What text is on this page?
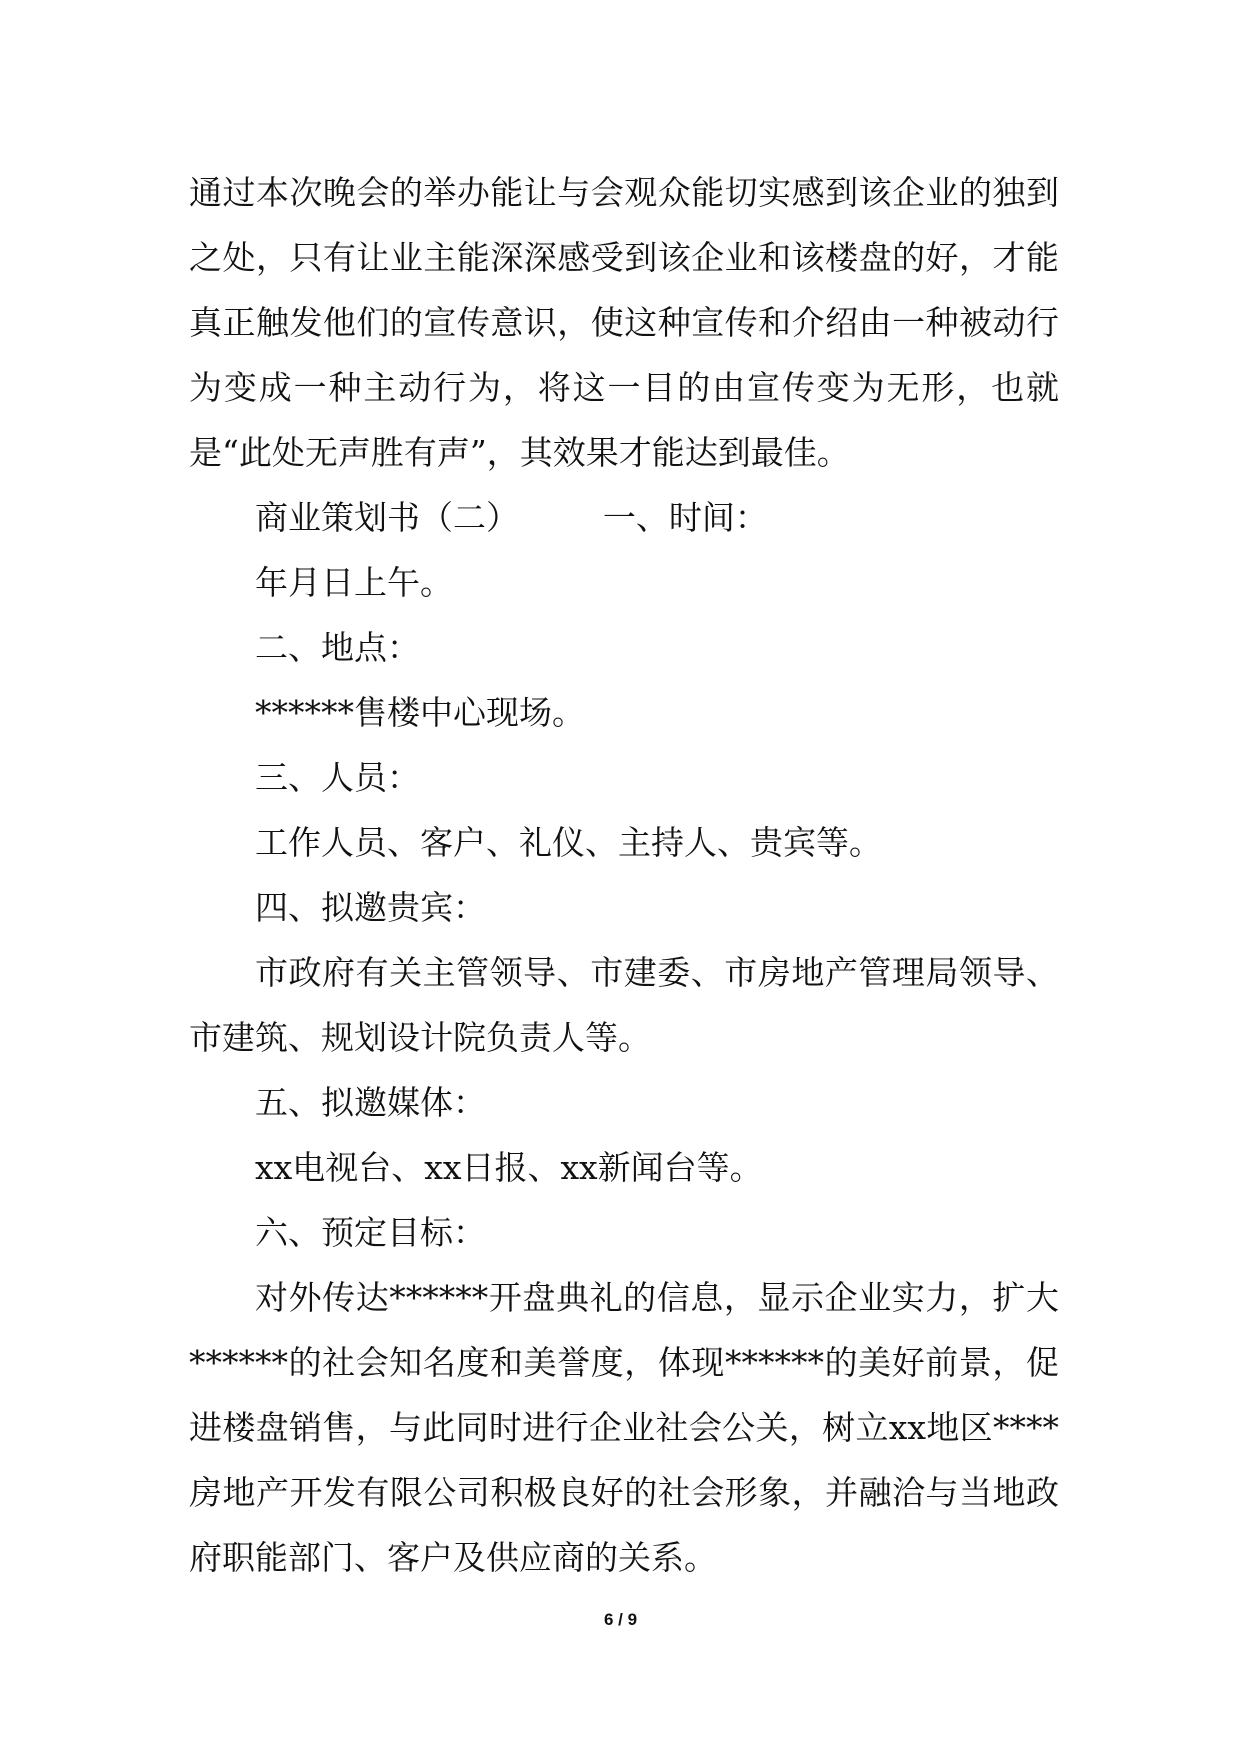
通过本次晚会的举办能让与会观众能切实感到该企业的独到之处，只有让业主能深深感受到该企业和该楼盘的好，才能真正触发他们的宣传意识，使这种宣传和介绍由一种被动行为变成一种主动行为，将这一目的由宣传变为无形，也就是“此处无声胜有声”，其效果才能达到最佳。

商业策划书（二）        一、时间：

年月日上午。

二、地点：

******售楼中心现场。

三、人员：

工作人员、客户、礼仪、主持人、贵宾等。

四、拟邀贵宾：

市政府有关主管领导、市建委、市房地产管理局领导、市建筑、规划设计院负责人等。

五、拟邀媒体：

xx电视台、xx日报、xx新闻台等。

六、预定目标：

对外传达******开盘典礼的信息，显示企业实力，扩大******的社会知名度和美誉度，体现******的美好前景，促进楼盘销售，与此同时进行企业社会公关，树立xx地区****房地产开发有限公司积极良好的社会形象，并融洽与当地政府职能部门、客户及供应商的关系。

6 / 9
